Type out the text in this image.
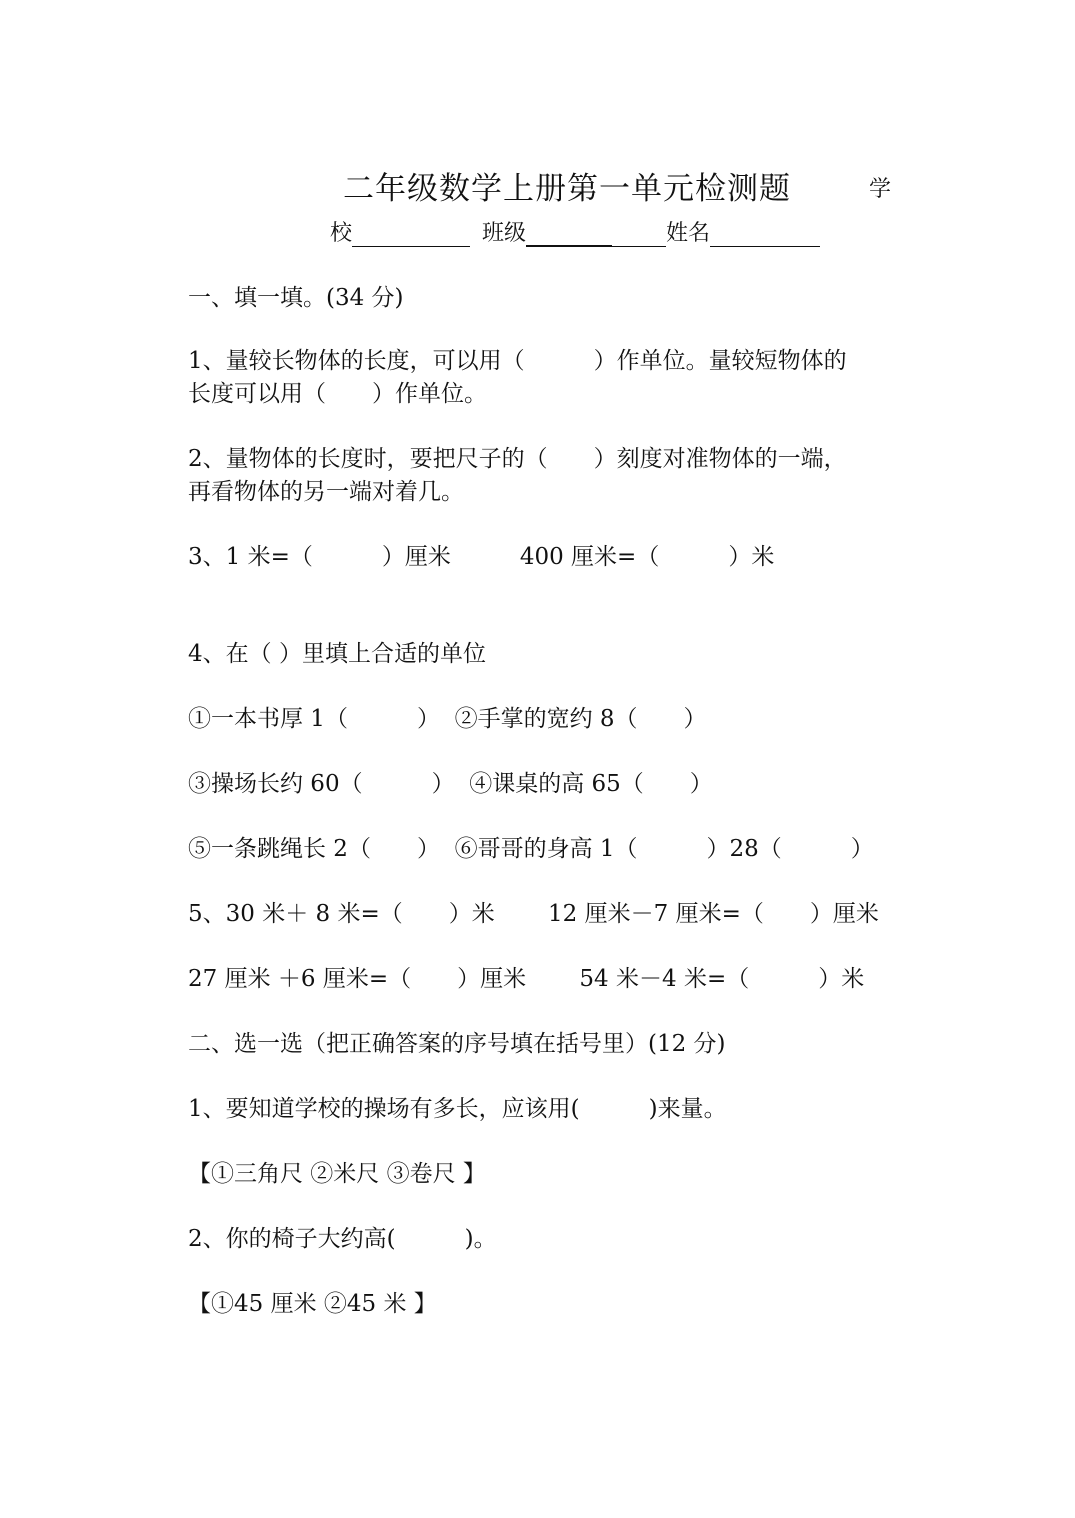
二年级数学上册第一单元检测题	学
校	班级	姓名
一、填一填。(34 分)
1、量较长物体的长度，可以用（　　　）作单位。量较短物体的
长度可以用（　　）作单位。
2、量物体的长度时，要把尺子的（　　）刻度对准物体的一端，
再看物体的另一端对着几。
3、1 米=（　　　）厘米　　　400 厘米=（　　　）米
4、在（ ）里填上合适的单位
①一本书厚 1（　　　）  ②手掌的宽约 8（　　）
③操场长约 60（　　　）  ④课桌的高 65（　　）
⑤一条跳绳长 2（　　）  ⑥哥哥的身高 1（　　　）28（　　　）
5、30 米＋ 8 米=（　　）米　　 12 厘米－7 厘米=（　　）厘米
27 厘米 ＋6 厘米=（　　）厘米　　 54 米－4 米=（　　　）米
二、选一选（把正确答案的序号填在括号里）(12 分)
1、要知道学校的操场有多长，应该用(　　　)来量。
【①三角尺 ②米尺 ③卷尺 】
2、你的椅子大约高(　　　)。
【①45 厘米 ②45 米 】
